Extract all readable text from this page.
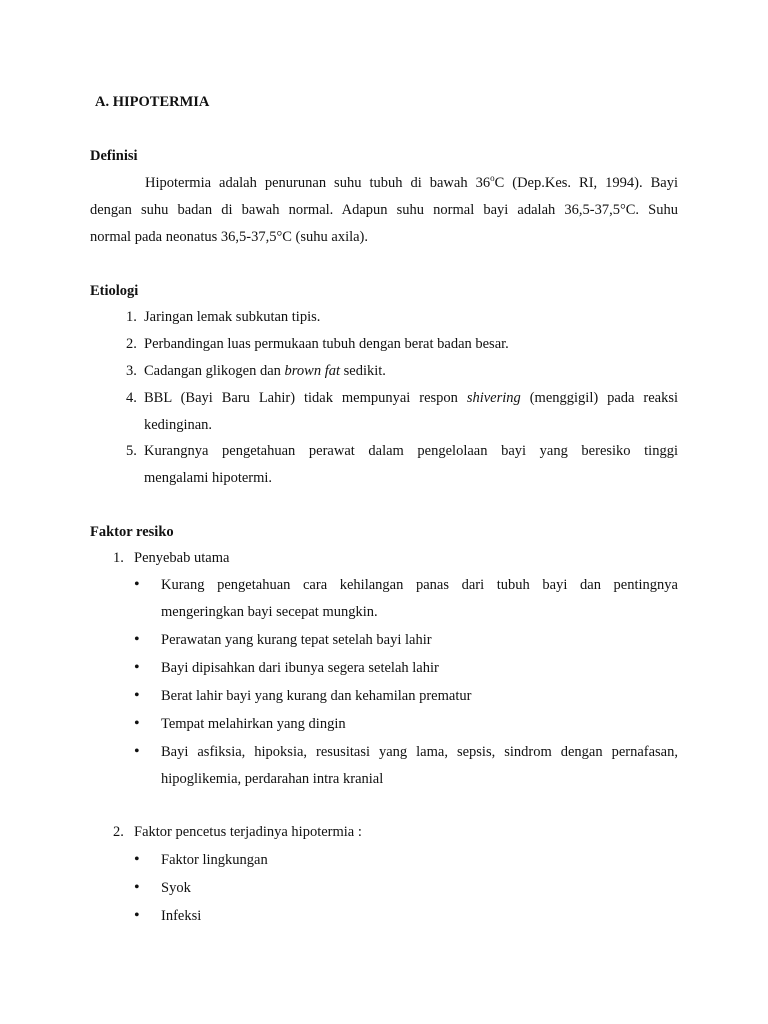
A. HIPOTERMIA
Definisi
Hipotermia adalah penurunan suhu tubuh di bawah 36$^o$C (Dep.Kes. RI, 1994). Bayi
dengan suhu badan di bawah normal. Adapun suhu normal bayi adalah 36,5-37,5°C. Suhu
normal pada neonatus 36,5-37,5°C (suhu axila).
Etiologi
1. Jaringan lemak subkutan tipis.
2. Perbandingan luas permukaan tubuh dengan berat badan besar.
3. Cadangan glikogen dan brown fat sedikit.
4. BBL (Bayi Baru Lahir) tidak mempunyai respon shivering (menggigil) pada reaksi
kedinginan.
5. Kurangnya pengetahuan perawat dalam pengelolaan bayi yang beresiko tinggi
mengalami hipotermi.
Faktor resiko
1. Penyebab utama
• Kurang pengetahuan cara kehilangan panas dari tubuh bayi dan pentingnya
mengeringkan bayi secepat mungkin.
• Perawatan yang kurang tepat setelah bayi lahir
• Bayi dipisahkan dari ibunya segera setelah lahir
• Berat lahir bayi yang kurang dan kehamilan prematur
• Tempat melahirkan yang dingin
• Bayi asfiksia, hipoksia, resusitasi yang lama, sepsis, sindrom dengan pernafasan,
hipoglikemia, perdarahan intra kranial
2. Faktor pencetus terjadinya hipotermia :
• Faktor lingkungan
• Syok
• Infeksi
